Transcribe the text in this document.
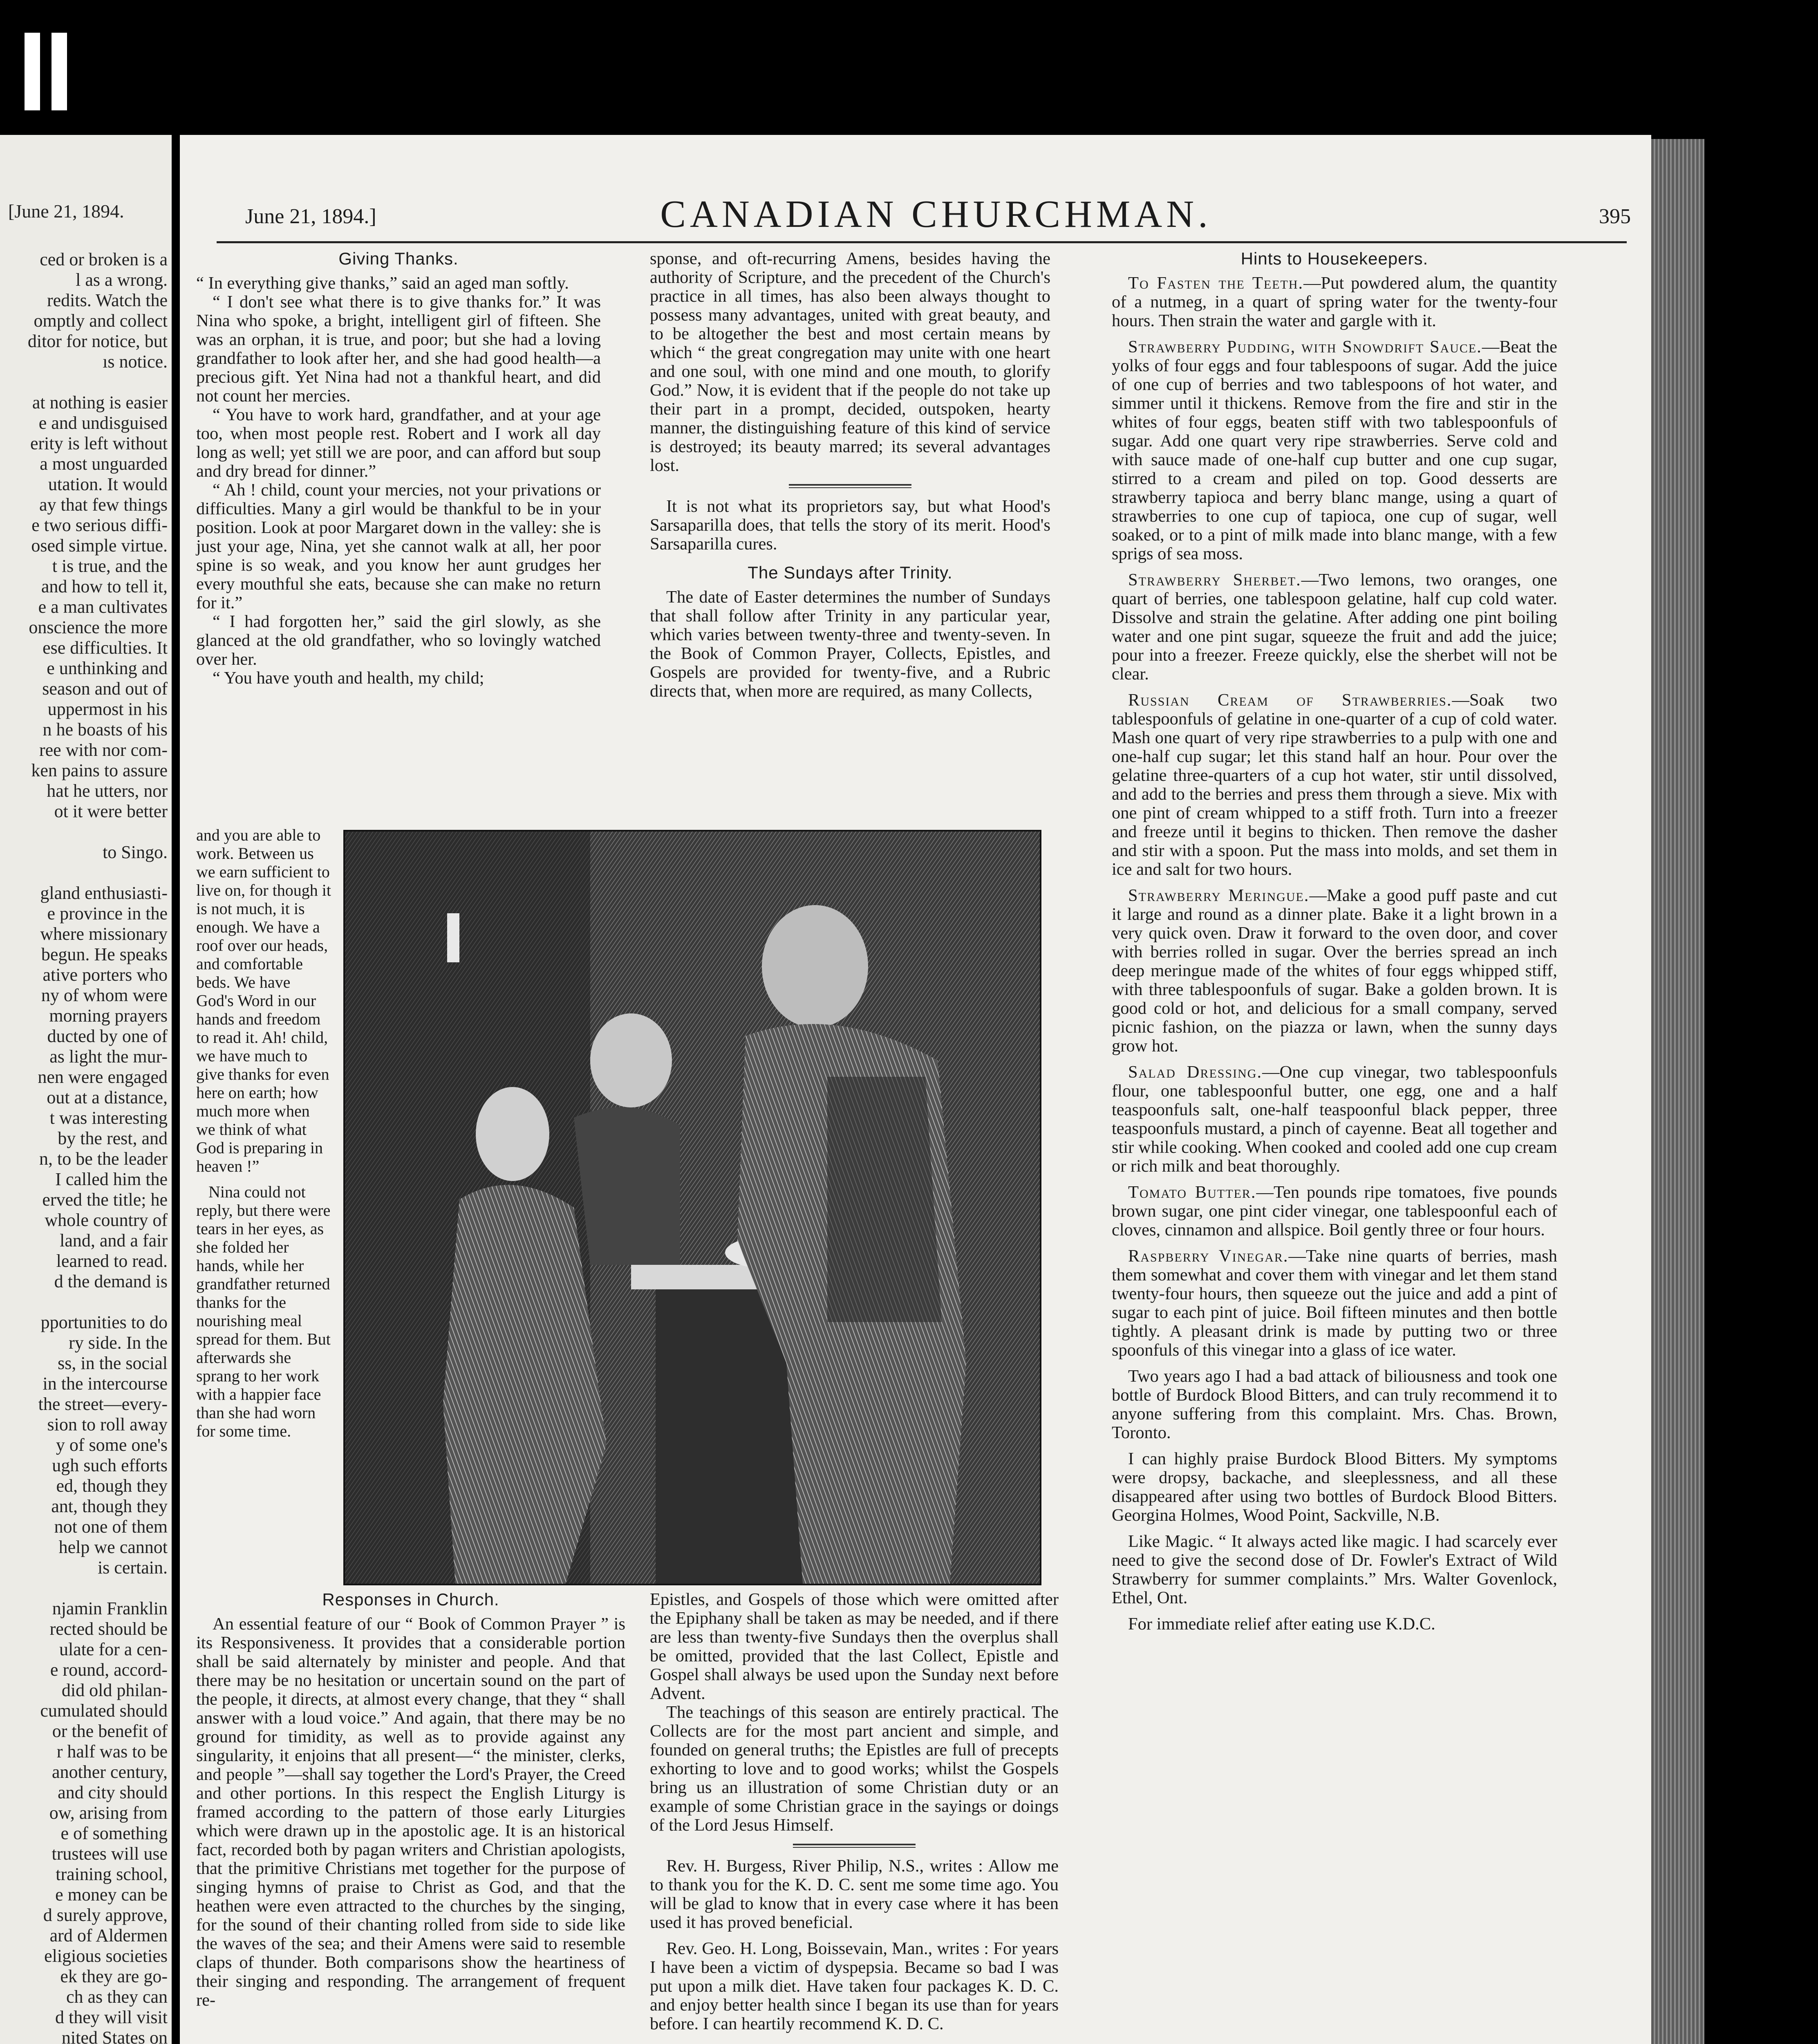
[June 21, 1894.
ced or broken is a
l as a wrong.
redits. Watch the
omptly and collect
ditor for notice, but
ıs notice.

at nothing is easier
e and undisguised
erity is left without
a most unguarded
utation. It would
ay that few things
e two serious diffi-
osed simple virtue.
t is true, and the
and how to tell it,
e a man cultivates
onscience the more
ese difficulties. It
e unthinking and
season and out of
uppermost in his
n he boasts of his
ree with nor com-
ken pains to assure
hat he utters, nor
ot it were better

to Singo.

gland enthusiasti-
e province in the
where missionary
begun. He speaks
ative porters who
ny of whom were
morning prayers
ducted by one of
as light the mur-
nen were engaged
out at a distance,
t was interesting
by the rest, and
n, to be the leader
I called him the
erved the title; he
whole country of
land, and a fair
learned to read.
d the demand is

pportunities to do
ry side. In the
ss, in the social
in the intercourse
the street—every-
sion to roll away
y of some one's
ugh such efforts
ed, though they
ant, though they
not one of them
help we cannot
is certain.

njamin Franklin
rected should be
ulate for a cen-
e round, accord-
did old philan-
cumulated should
or the benefit of
r half was to be
another century,
and city should
ow, arising from
e of something
trustees will use
training school,
e money can be
d surely approve,
ard of Aldermen
eligious societies
ek they are go-
ch as they can
d they will visit
nited States on
June 21, 1894.]	CANADIAN CHURCHMAN.	395
Giving Thanks.

“ In everything give thanks,” said an aged man softly.

“ I don't see what there is to give thanks for.” It was Nina who spoke, a bright, intelligent girl of fifteen. She was an orphan, it is true, and poor; but she had a loving grandfather to look after her, and she had good health—a precious gift. Yet Nina had not a thankful heart, and did not count her mercies.

“ You have to work hard, grandfather, and at your age too, when most people rest. Robert and I work all day long as well; yet still we are poor, and can afford but soup and dry bread for dinner.”

“ Ah ! child, count your mercies, not your privations or difficulties. Many a girl would be thankful to be in your position. Look at poor Margaret down in the valley: she is just your age, Nina, yet she cannot walk at all, her poor spine is so weak, and you know her aunt grudges her every mouthful she eats, because she can make no return for it.”

“ I had forgotten her,” said the girl slowly, as she glanced at the old grandfather, who so lovingly watched over her.

“ You have youth and health, my child;

and you are able to work. Between us we earn sufficient to live on, for though it is not much, it is enough. We have a roof over our heads, and comfortable beds. We have God's Word in our hands and freedom to read it. Ah! child, we have much to give thanks for even here on earth; how much more when we think of what God is preparing in heaven !”

Nina could not reply, but there were tears in her eyes, as she folded her hands, while her grandfather returned thanks for the nourishing meal spread for them. But afterwards she sprang to her work with a happier face than she had worn for some time.

sponse, and oft-recurring Amens, besides having the authority of Scripture, and the precedent of the Church's practice in all times, has also been always thought to possess many advantages, united with great beauty, and to be altogether the best and most certain means by which “ the great congregation may unite with one heart and one soul, with one mind and one mouth, to glorify God.” Now, it is evident that if the people do not take up their part in a prompt, decided, outspoken, hearty manner, the distinguishing feature of this kind of service is destroyed; its beauty marred; its several advantages lost.

It is not what its proprietors say, but what Hood's Sarsaparilla does, that tells the story of its merit. Hood's Sarsaparilla cures.

The Sundays after Trinity.

The date of Easter determines the number of Sundays that shall follow after Trinity in any particular year, which varies between twenty-three and twenty-seven. In the Book of Common Prayer, Collects, Epistles, and Gospels are provided for twenty-five, and a Rubric directs that, when more are required, as many Collects,

Responses in Church.

An essential feature of our “ Book of Common Prayer ” is its Responsiveness. It provides that a considerable portion shall be said alternately by minister and people. And that there may be no hesitation or uncertain sound on the part of the people, it directs, at almost every change, that they “ shall answer with a loud voice.” And again, that there may be no ground for timidity, as well as to provide against any singularity, it enjoins that all present—“ the minister, clerks, and people ”—shall say together the Lord's Prayer, the Creed and other portions. In this respect the English Liturgy is framed according to the pattern of those early Liturgies which were drawn up in the apostolic age. It is an historical fact, recorded both by pagan writers and Christian apologists, that the primitive Christians met together for the purpose of singing hymns of praise to Christ as God, and that the heathen were even attracted to the churches by the singing, for the sound of their chanting rolled from side to side like the waves of the sea; and their Amens were said to resemble claps of thunder. Both comparisons show the heartiness of their singing and responding. The arrangement of frequent re-

Epistles, and Gospels of those which were omitted after the Epiphany shall be taken as may be needed, and if there are less than twenty-five Sundays then the overplus shall be omitted, provided that the last Collect, Epistle and Gospel shall always be used upon the Sunday next before Advent.

The teachings of this season are entirely practical. The Collects are for the most part ancient and simple, and founded on general truths; the Epistles are full of precepts exhorting to love and to good works; whilst the Gospels bring us an illustration of some Christian duty or an example of some Christian grace in the sayings or doings of the Lord Jesus Himself.

Rev. H. Burgess, River Philip, N.S., writes : Allow me to thank you for the K. D. C. sent me some time ago. You will be glad to know that in every case where it has been used it has proved beneficial.

Rev. Geo. H. Long, Boissevain, Man., writes : For years I have been a victim of dyspepsia. Became so bad I was put upon a milk diet. Have taken four packages K. D. C. and enjoy better health since I began its use than for years before. I can heartily recommend K. D. C.

Hints to Housekeepers.

To Fasten the Teeth.—Put powdered alum, the quantity of a nutmeg, in a quart of spring water for the twenty-four hours. Then strain the water and gargle with it.

Strawberry Pudding, with Snowdrift Sauce.—Beat the yolks of four eggs and four tablespoons of sugar. Add the juice of one cup of berries and two tablespoons of hot water, and simmer until it thickens. Remove from the fire and stir in the whites of four eggs, beaten stiff with two tablespoonfuls of sugar. Add one quart very ripe strawberries. Serve cold and with sauce made of one-half cup butter and one cup sugar, stirred to a cream and piled on top. Good desserts are strawberry tapioca and berry blanc mange, using a quart of strawberries to one cup of tapioca, one cup of sugar, well soaked, or to a pint of milk made into blanc mange, with a few sprigs of sea moss.

Strawberry Sherbet.—Two lemons, two oranges, one quart of berries, one tablespoon gelatine, half cup cold water. Dissolve and strain the gelatine. After adding one pint boiling water and one pint sugar, squeeze the fruit and add the juice; pour into a freezer. Freeze quickly, else the sherbet will not be clear.

Russian Cream of Strawberries.—Soak two tablespoonfuls of gelatine in one-quarter of a cup of cold water. Mash one quart of very ripe strawberries to a pulp with one and one-half cup sugar; let this stand half an hour. Pour over the gelatine three-quarters of a cup hot water, stir until dissolved, and add to the berries and press them through a sieve. Mix with one pint of cream whipped to a stiff froth. Turn into a freezer and freeze until it begins to thicken. Then remove the dasher and stir with a spoon. Put the mass into molds, and set them in ice and salt for two hours.

Strawberry Meringue.—Make a good puff paste and cut it large and round as a dinner plate. Bake it a light brown in a very quick oven. Draw it forward to the oven door, and cover with berries rolled in sugar. Over the berries spread an inch deep meringue made of the whites of four eggs whipped stiff, with three tablespoonfuls of sugar. Bake a golden brown. It is good cold or hot, and delicious for a small company, served picnic fashion, on the piazza or lawn, when the sunny days grow hot.

Salad Dressing.—One cup vinegar, two tablespoonfuls flour, one tablespoonful butter, one egg, one and a half teaspoonfuls salt, one-half teaspoonful black pepper, three teaspoonfuls mustard, a pinch of cayenne. Beat all together and stir while cooking. When cooked and cooled add one cup cream or rich milk and beat thoroughly.

Tomato Butter.—Ten pounds ripe tomatoes, five pounds brown sugar, one pint cider vinegar, one tablespoonful each of cloves, cinnamon and allspice. Boil gently three or four hours.

Raspberry Vinegar.—Take nine quarts of berries, mash them somewhat and cover them with vinegar and let them stand twenty-four hours, then squeeze out the juice and add a pint of sugar to each pint of juice. Boil fifteen minutes and then bottle tightly. A pleasant drink is made by putting two or three spoonfuls of this vinegar into a glass of ice water.

Two years ago I had a bad attack of biliousness and took one bottle of Burdock Blood Bitters, and can truly recommend it to anyone suffering from this complaint. Mrs. Chas. Brown, Toronto.

I can highly praise Burdock Blood Bitters. My symptoms were dropsy, backache, and sleeplessness, and all these disappeared after using two bottles of Burdock Blood Bitters. Georgina Holmes, Wood Point, Sackville, N.B.

Like Magic. “ It always acted like magic. I had scarcely ever need to give the second dose of Dr. Fowler's Extract of Wild Strawberry for summer complaints.” Mrs. Walter Govenlock, Ethel, Ont.

For immediate relief after eating use K.D.C.
